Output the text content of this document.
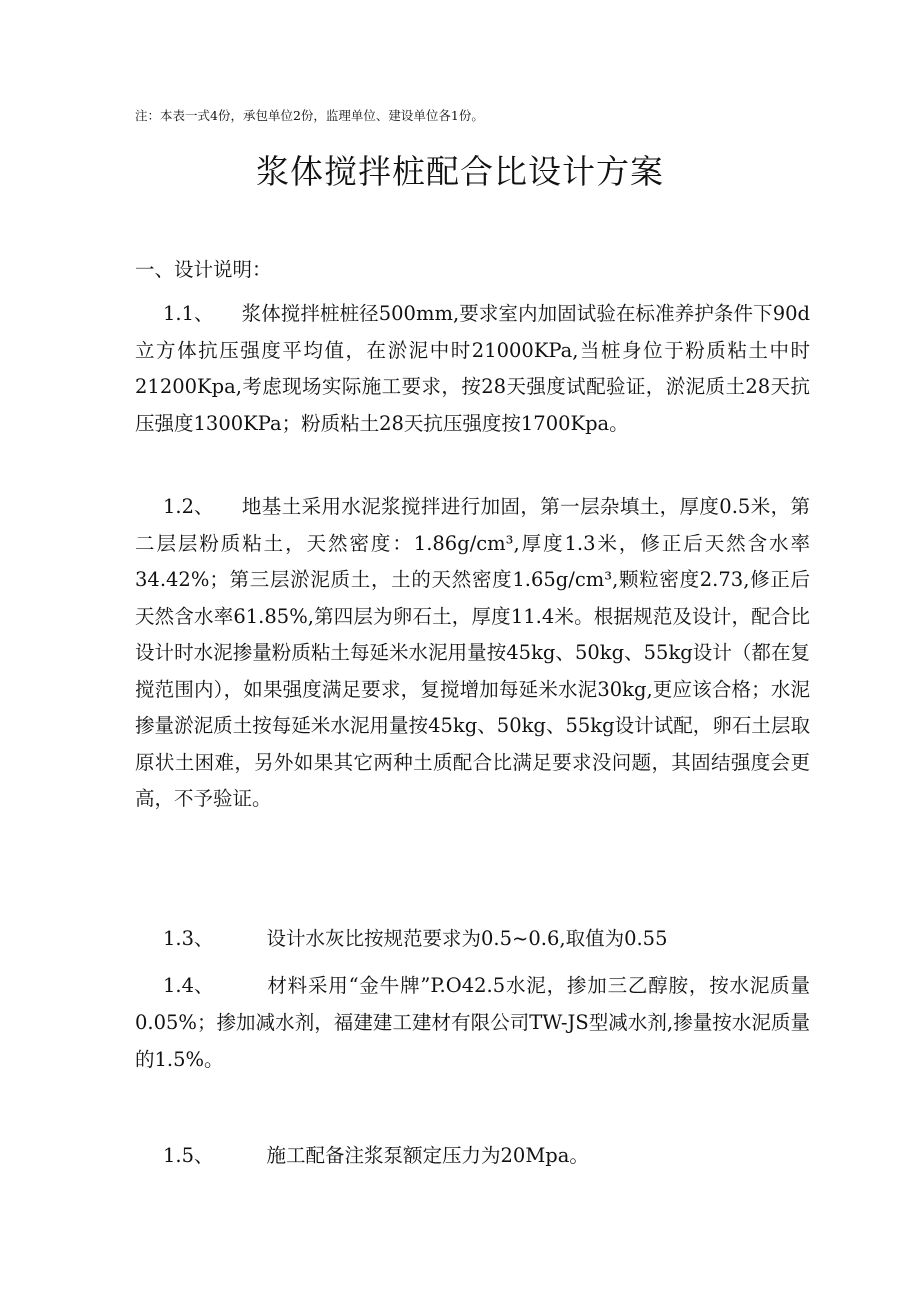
注：本表一式4份，承包单位2份，监理单位、建设单位各1份。
浆体搅拌桩配合比设计方案
一、设计说明：
1.1、 浆体搅拌桩桩径500mm,要求室内加固试验在标准养护条件下90d立方体抗压强度平均值，在淤泥中时21000KPa,当桩身位于粉质粘土中时21200Kpa,考虑现场实际施工要求，按28天强度试配验证，淤泥质土28天抗压强度1300KPa；粉质粘土28天抗压强度按1700Kpa。
1.2、 地基土采用水泥浆搅拌进行加固，第一层杂填土，厚度0.5米，第二层层粉质粘土，天然密度：1.86g/cm³,厚度1.3米，修正后天然含水率34.42%；第三层淤泥质土，土的天然密度1.65g/cm³,颗粒密度2.73,修正后天然含水率61.85%,第四层为卵石土，厚度11.4米。根据规范及设计，配合比设计时水泥掺量粉质粘土每延米水泥用量按45kg、50kg、55kg设计（都在复搅范围内），如果强度满足要求，复搅增加每延米水泥30kg,更应该合格；水泥掺量淤泥质土按每延米水泥用量按45kg、50kg、55kg设计试配，卵石土层取原状土困难，另外如果其它两种土质配合比满足要求没问题，其固结强度会更高，不予验证。
1.3、	设计水灰比按规范要求为0.5~0.6,取值为0.55
1.4、	材料采用“金牛牌”P.O42.5水泥，掺加三乙醇胺，按水泥质量0.05%；掺加减水剂，福建建工建材有限公司TW-JS型减水剂,掺量按水泥质量的1.5%。
1.5、	施工配备注浆泵额定压力为20Mpa。
